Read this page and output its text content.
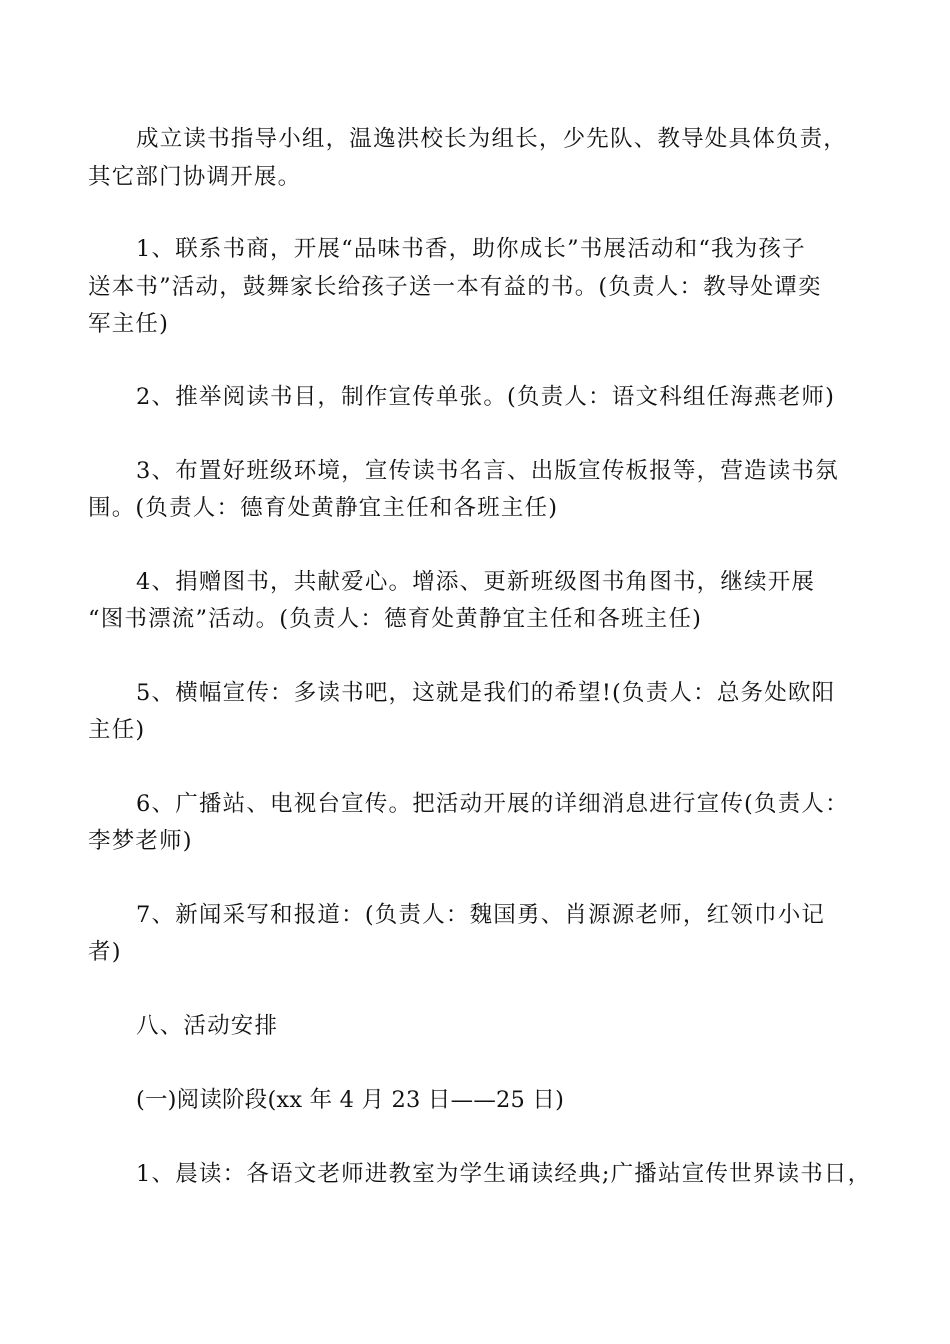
成立读书指导小组，温逸洪校长为组长，少先队、教导处具体负责，
其它部门协调开展。
1、联系书商，开展“品味书香，助你成长”书展活动和“我为孩子
送本书”活动，鼓舞家长给孩子送一本有益的书。(负责人：教导处谭奕
军主任)
2、推举阅读书目，制作宣传单张。(负责人：语文科组任海燕老师)
3、布置好班级环境，宣传读书名言、出版宣传板报等，营造读书氛
围。(负责人：德育处黄静宜主任和各班主任)
4、捐赠图书，共献爱心。增添、更新班级图书角图书，继续开展
“图书漂流”活动。(负责人：德育处黄静宜主任和各班主任)
5、横幅宣传：多读书吧，这就是我们的希望!(负责人：总务处欧阳
主任)
6、广播站、电视台宣传。把活动开展的详细消息进行宣传(负责人：
李梦老师)
7、新闻采写和报道：(负责人：魏国勇、肖源源老师，红领巾小记
者)
八、活动安排
(一)阅读阶段(xx 年 4 月 23 日——25 日)
1、晨读：各语文老师进教室为学生诵读经典;广播站宣传世界读书日，
